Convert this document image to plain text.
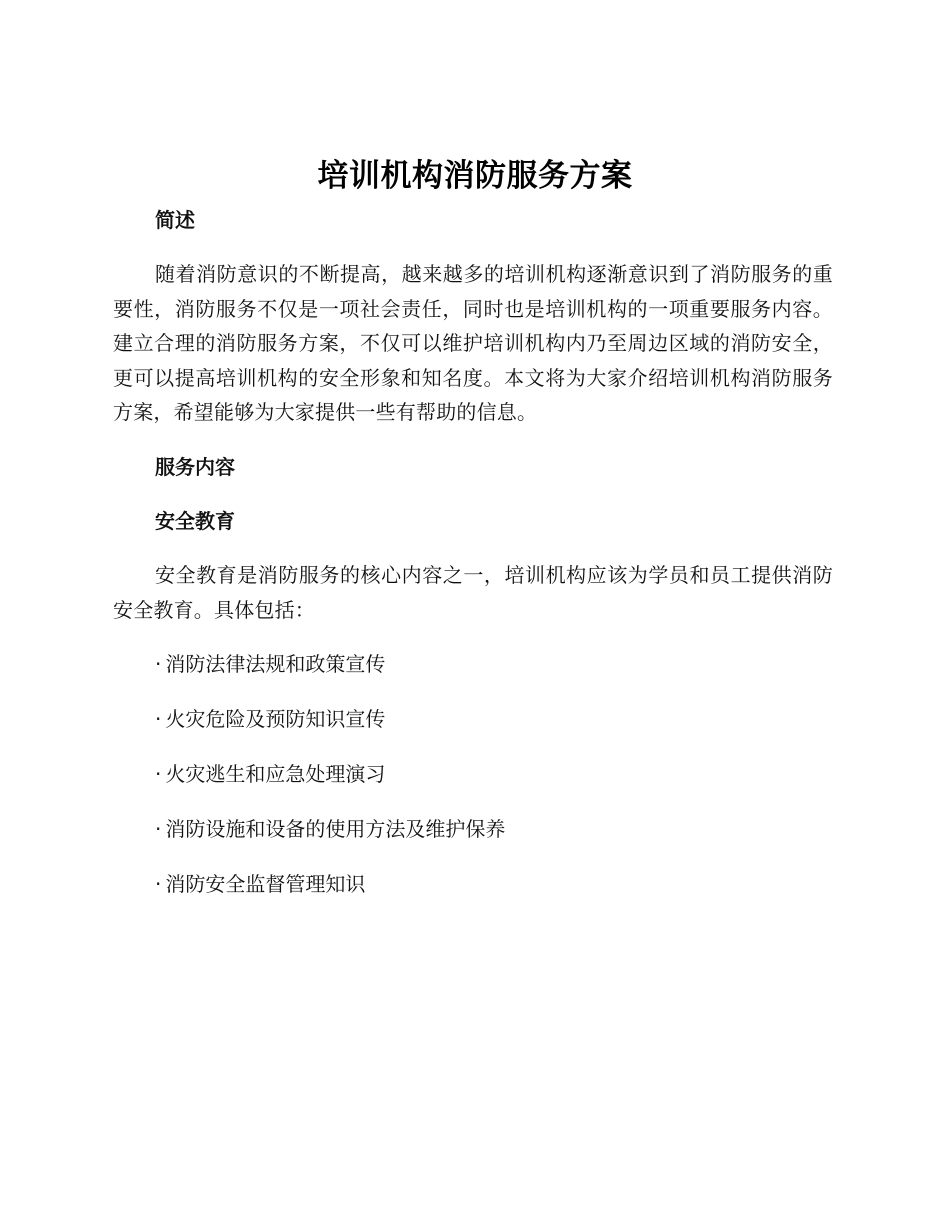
培训机构消防服务方案
简述
随着消防意识的不断提高，越来越多的培训机构逐渐意识到了消防服务的重要性，消防服务不仅是一项社会责任，同时也是培训机构的一项重要服务内容。建立合理的消防服务方案，不仅可以维护培训机构内乃至周边区域的消防安全，更可以提高培训机构的安全形象和知名度。本文将为大家介绍培训机构消防服务方案，希望能够为大家提供一些有帮助的信息。
服务内容
安全教育
安全教育是消防服务的核心内容之一，培训机构应该为学员和员工提供消防安全教育。具体包括：
· 消防法律法规和政策宣传
· 火灾危险及预防知识宣传
· 火灾逃生和应急处理演习
· 消防设施和设备的使用方法及维护保养
· 消防安全监督管理知识
